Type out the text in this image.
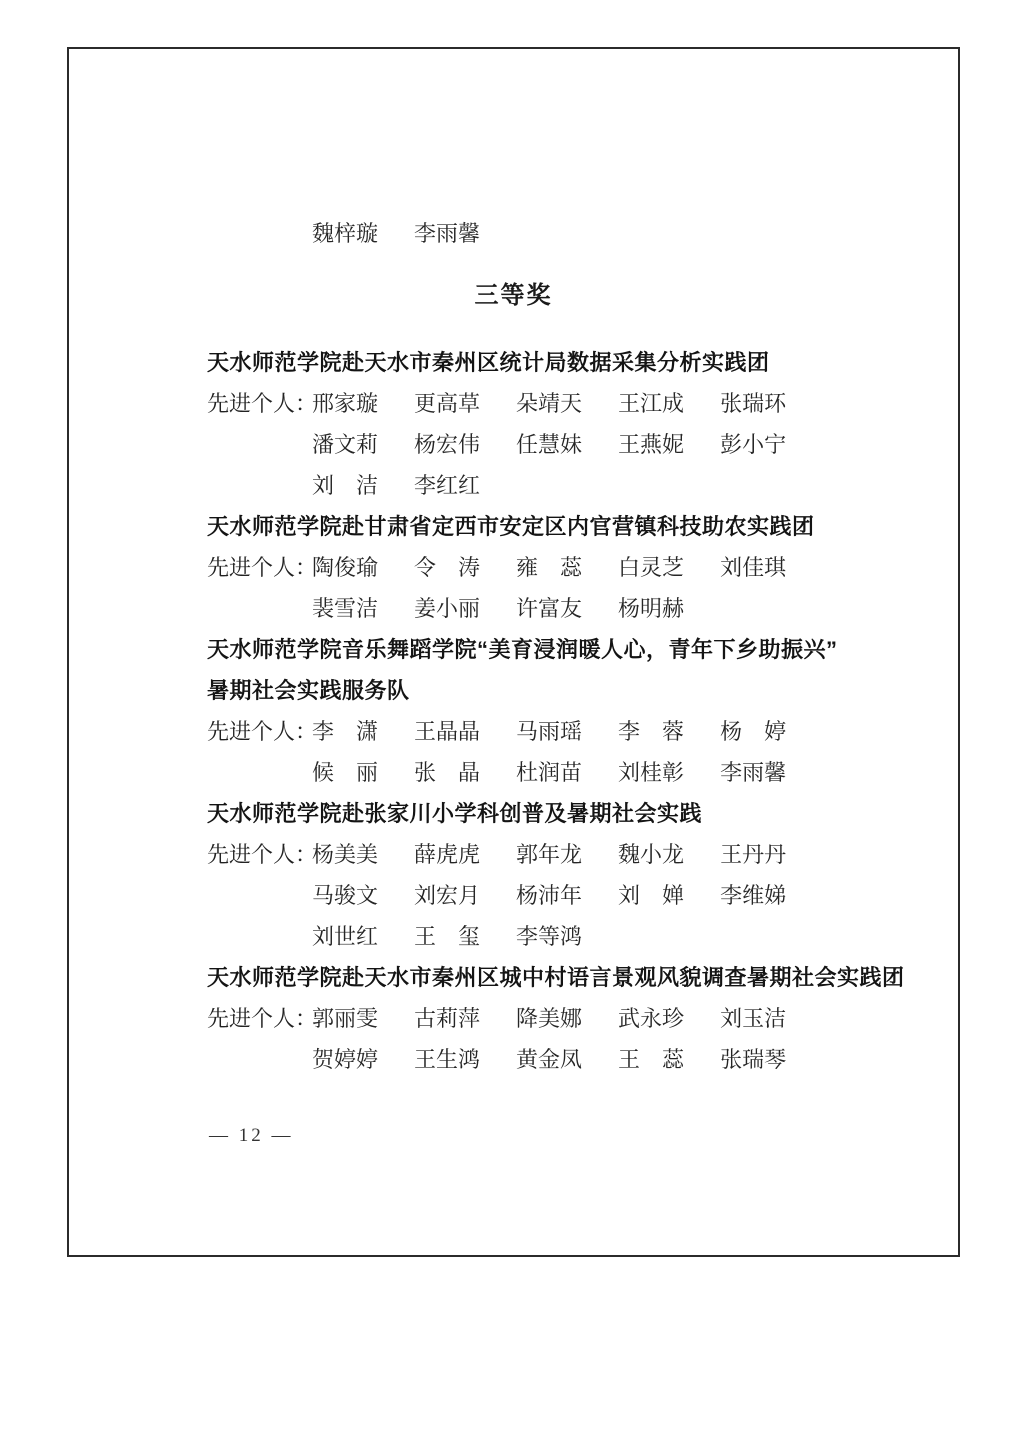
魏梓璇 李雨馨
三等奖
天水师范学院赴天水市秦州区统计局数据采集分析实践团
先进个人：
邢家璇 更高草 朵靖天 王江成 张瑞环
潘文莉 杨宏伟 任慧妹 王燕妮 彭小宁
刘　洁 李红红
天水师范学院赴甘肃省定西市安定区内官营镇科技助农实践团
先进个人：
陶俊瑜 令　涛 雍　蕊 白灵芝 刘佳琪
裴雪洁 姜小丽 许富友 杨明赫
天水师范学院音乐舞蹈学院“美育浸润暖人心，青年下乡助振兴”
暑期社会实践服务队
先进个人：
李　潇 王晶晶 马雨瑶 李　蓉 杨　婷
候　丽 张　晶 杜润苗 刘桂彰 李雨馨
天水师范学院赴张家川小学科创普及暑期社会实践
先进个人：
杨美美 薛虎虎 郭年龙 魏小龙 王丹丹
马骏文 刘宏月 杨沛年 刘　婵 李维娣
刘世红 王　玺 李等鸿
天水师范学院赴天水市秦州区城中村语言景观风貌调查暑期社会实践团
先进个人：
郭丽雯 古莉萍 降美娜 武永珍 刘玉洁
贺婷婷 王生鸿 黄金凤 王　蕊 张瑞琴
— 12 —
